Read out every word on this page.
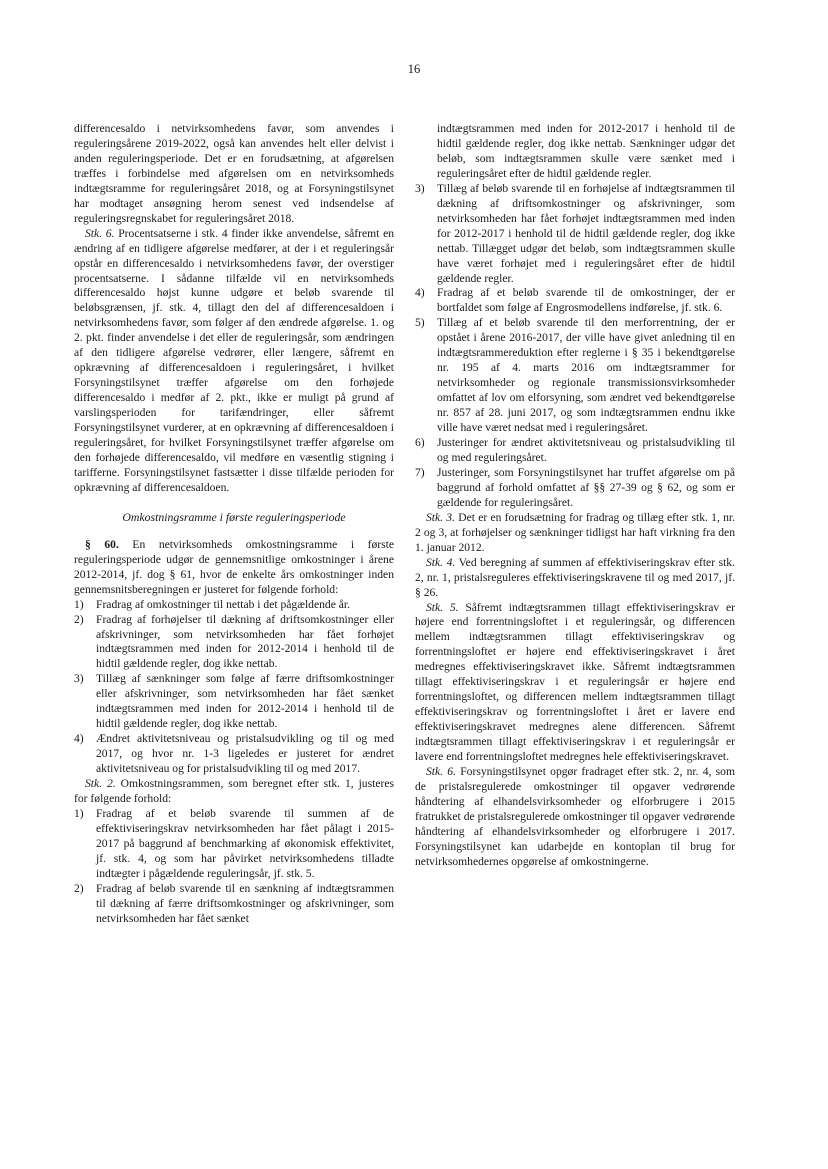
16

differencesaldo i netvirksomhedens favør, som anvendes i reguleringsårene 2019-2022, også kan anvendes helt eller delvist i anden reguleringsperiode. Det er en forudsætning, at afgørelsen træffes i forbindelse med afgørelsen om en netvirksomheds indtægtsramme for reguleringsåret 2018, og at Forsyningstilsynet har modtaget ansøgning herom senest ved indsendelse af reguleringsregnskabet for reguleringsåret 2018.

Stk. 6. Procentsatserne i stk. 4 finder ikke anvendelse, såfremt en ændring af en tidligere afgørelse medfører, at der i et reguleringsår opstår en differencesaldo i netvirksomhedens favør, der overstiger procentsatserne. I sådanne tilfælde vil en netvirksomheds differencesaldo højst kunne udgøre et beløb svarende til beløbsgrænsen, jf. stk. 4, tillagt den del af differencesaldoen i netvirksomhedens favør, som følger af den ændrede afgørelse. 1. og 2. pkt. finder anvendelse i det eller de reguleringsår, som ændringen af den tidligere afgørelse vedrører, eller længere, såfremt en opkrævning af differencesaldoen i reguleringsåret, i hvilket Forsyningstilsynet træffer afgørelse om den forhøjede differencesaldo i medfør af 2. pkt., ikke er muligt på grund af varslingsperioden for tarifændringer, eller såfremt Forsyningstilsynet vurderer, at en opkrævning af differencesaldoen i reguleringsåret, for hvilket Forsyningstilsynet træffer afgørelse om den forhøjede differencesaldo, vil medføre en væsentlig stigning i tarifferne. Forsyningstilsynet fastsætter i disse tilfælde perioden for opkrævning af differencesaldoen.

Omkostningsramme i første reguleringsperiode

§ 60. En netvirksomheds omkostningsramme i første reguleringsperiode udgør de gennemsnitlige omkostninger i årene 2012-2014, jf. dog § 61, hvor de enkelte års omkostninger inden gennemsnitsberegningen er justeret for følgende forhold:

1)	Fradrag af omkostninger til nettab i det pågældende år.
2)	Fradrag af forhøjelser til dækning af driftsomkostninger eller afskrivninger, som netvirksomheden har fået forhøjet indtægtsrammen med inden for 2012-2014 i henhold til de hidtil gældende regler, dog ikke nettab.
3)	Tillæg af sænkninger som følge af færre driftsomkostninger eller afskrivninger, som netvirksomheden har fået sænket indtægtsrammen med inden for 2012-2014 i henhold til de hidtil gældende regler, dog ikke nettab.
4)	Ændret aktivitetsniveau og pristalsudvikling og til og med 2017, og hvor nr. 1-3 ligeledes er justeret for ændret aktivitetsniveau og for pristalsudvikling til og med 2017.

Stk. 2. Omkostningsrammen, som beregnet efter stk. 1, justeres for følgende forhold:

1)	Fradrag af et beløb svarende til summen af de effektiviseringskrav netvirksomheden har fået pålagt i 2015-2017 på baggrund af benchmarking af økonomisk effektivitet, jf. stk. 4, og som har påvirket netvirksomhedens tilladte indtægter i pågældende reguleringsår, jf. stk. 5.
2)	Fradrag af beløb svarende til en sænkning af indtægtsrammen til dækning af færre driftsomkostninger og afskrivninger, som netvirksomheden har fået sænket
indtægtsrammen med inden for 2012-2017 i henhold til de hidtil gældende regler, dog ikke nettab. Sænkninger udgør det beløb, som indtægtsrammen skulle være sænket med i reguleringsåret efter de hidtil gældende regler.
3)	Tillæg af beløb svarende til en forhøjelse af indtægtsrammen til dækning af driftsomkostninger og afskrivninger, som netvirksomheden har fået forhøjet indtægtsrammen med inden for 2012-2017 i henhold til de hidtil gældende regler, dog ikke nettab. Tillægget udgør det beløb, som indtægtsrammen skulle have været forhøjet med i reguleringsåret efter de hidtil gældende regler.
4)	Fradrag af et beløb svarende til de omkostninger, der er bortfaldet som følge af Engrosmodellens indførelse, jf. stk. 6.
5)	Tillæg af et beløb svarende til den merforrentning, der er opstået i årene 2016-2017, der ville have givet anledning til en indtægtsrammereduktion efter reglerne i § 35 i bekendtgørelse nr. 195 af 4. marts 2016 om indtægtsrammer for netvirksomheder og regionale transmissionsvirksomheder omfattet af lov om elforsyning, som ændret ved bekendtgørelse nr. 857 af 28. juni 2017, og som indtægtsrammen endnu ikke ville have været nedsat med i reguleringsåret.
6)	Justeringer for ændret aktivitetsniveau og pristalsudvikling til og med reguleringsåret.
7)	Justeringer, som Forsyningstilsynet har truffet afgørelse om på baggrund af forhold omfattet af §§ 27-39 og § 62, og som er gældende for reguleringsåret.

Stk. 3. Det er en forudsætning for fradrag og tillæg efter stk. 1, nr. 2 og 3, at forhøjelser og sænkninger tidligst har haft virkning fra den 1. januar 2012.

Stk. 4. Ved beregning af summen af effektiviseringskrav efter stk. 2, nr. 1, pristalsreguleres effektiviseringskravene til og med 2017, jf. § 26.

Stk. 5. Såfremt indtægtsrammen tillagt effektiviseringskrav er højere end forrentningsloftet i et reguleringsår, og differencen mellem indtægtsrammen tillagt effektiviseringskrav og forrentningsloftet er højere end effektiviseringskravet i året medregnes effektiviseringskravet ikke. Såfremt indtægtsrammen tillagt effektiviseringskrav i et reguleringsår er højere end forrentningsloftet, og differencen mellem indtægtsrammen tillagt effektiviseringskrav og forrentningsloftet i året er lavere end effektiviseringskravet medregnes alene differencen. Såfremt indtægtsrammen tillagt effektiviseringskrav i et reguleringsår er lavere end forrentningsloftet medregnes hele effektiviseringskravet.

Stk. 6. Forsyningstilsynet opgør fradraget efter stk. 2, nr. 4, som de pristalsregulerede omkostninger til opgaver vedrørende håndtering af elhandelsvirksomheder og elforbrugere i 2015 fratrukket de pristalsregulerede omkostninger til opgaver vedrørende håndtering af elhandelsvirksomheder og elforbrugere i 2017. Forsyningstilsynet kan udarbejde en kontoplan til brug for netvirksomhedernes opgørelse af omkostningerne.
